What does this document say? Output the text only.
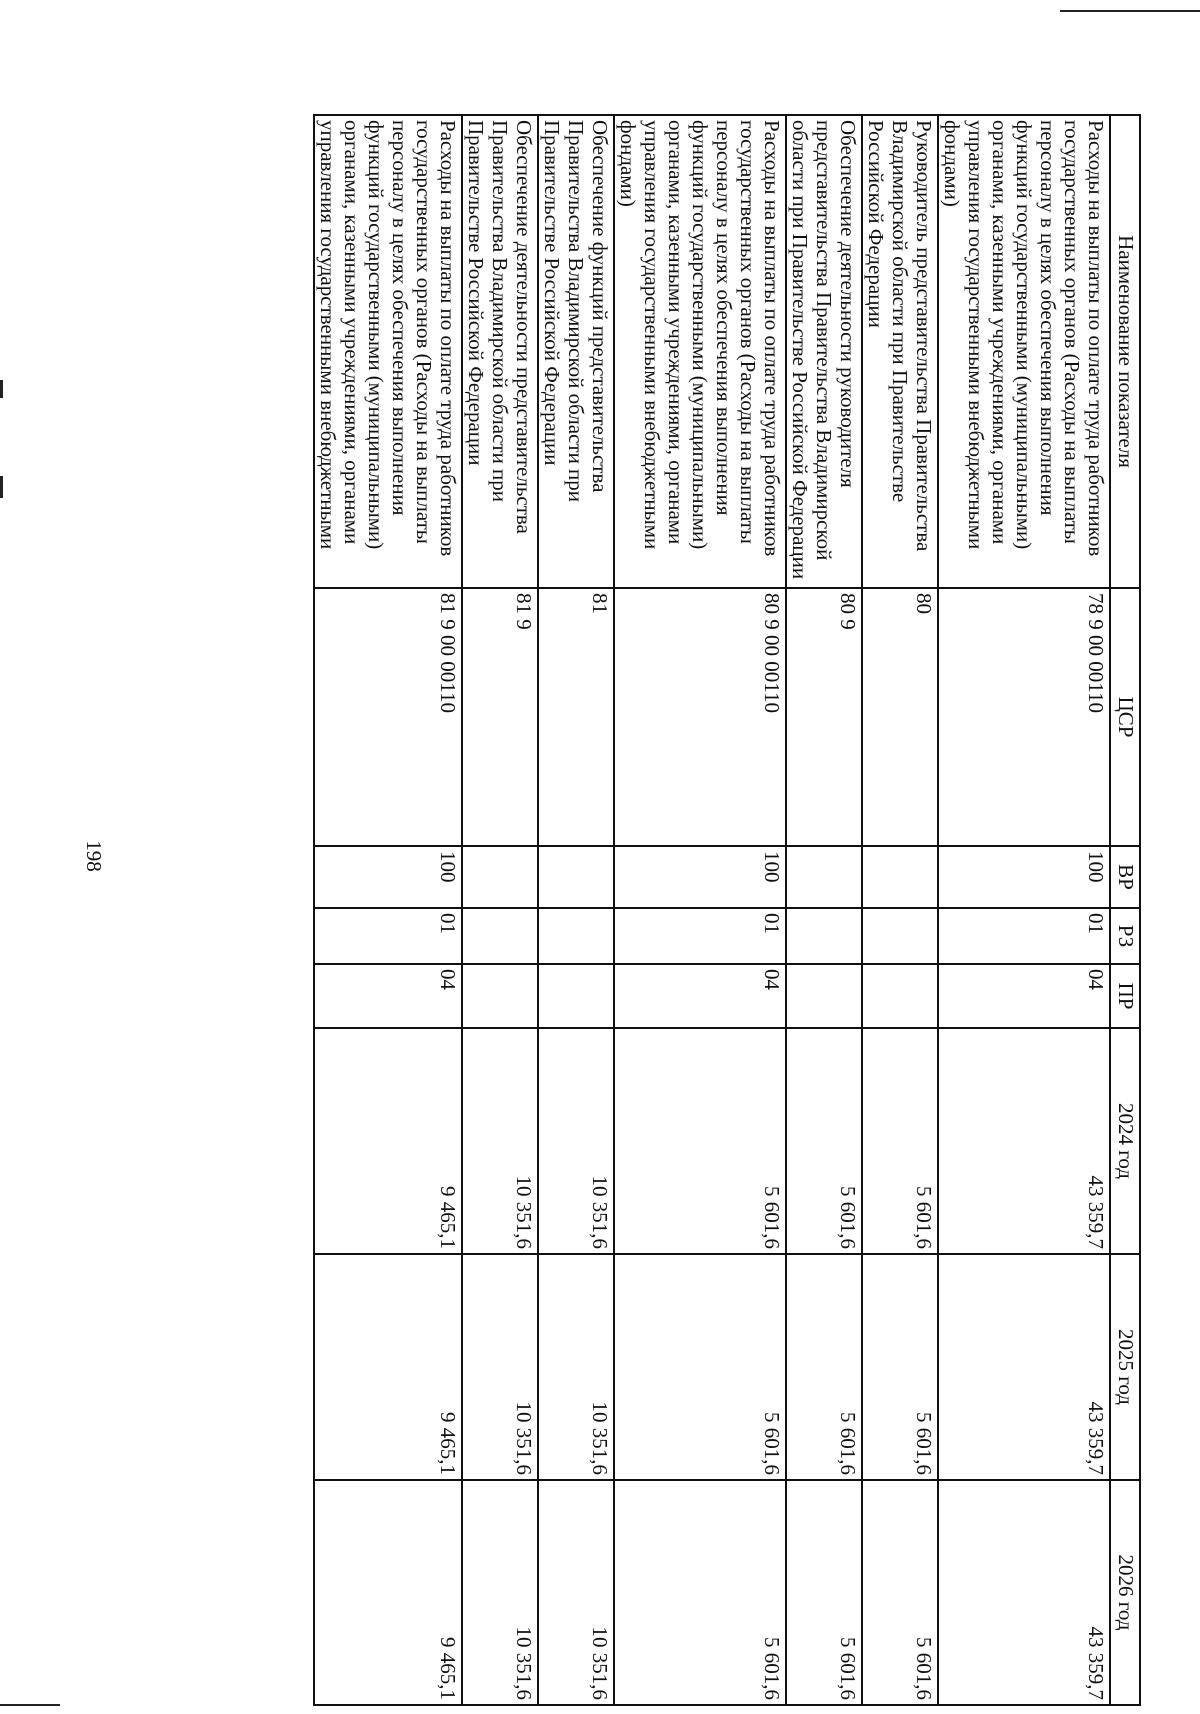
198
Наименование показателя	ЦСР	ВР	РЗ	ПР	2024 год	2025 год	2026 год
Расходы на выплаты по оплате труда работников государственных органов (Расходы на выплаты персоналу в целях обеспечения выполнения функций государственными (муниципальными) органами, казенными учреждениями, органами управления государственными внебюджетными фондами)	78 9 00 00110	100	01	04	43 359,7	43 359,7	43 359,7
Руководитель представительства Правительства Владимирской области при Правительстве Российской Федерации	80				5 601,6	5 601,6	5 601,6
Обеспечение деятельности руководителя представительства Правительства Владимирской области при Правительстве Российской Федерации	80 9				5 601,6	5 601,6	5 601,6
Расходы на выплаты по оплате труда работников государственных органов (Расходы на выплаты персоналу в целях обеспечения выполнения функций государственными (муниципальными) органами, казенными учреждениями, органами управления государственными внебюджетными фондами)	80 9 00 00110	100	01	04	5 601,6	5 601,6	5 601,6
Обеспечение функций представительства Правительства Владимирской области при Правительстве Российской Федерации	81				10 351,6	10 351,6	10 351,6
Обеспечение деятельности представительства Правительства Владимирской области при Правительстве Российской Федерации	81 9				10 351,6	10 351,6	10 351,6
Расходы на выплаты по оплате труда работников государственных органов (Расходы на выплаты персоналу в целях обеспечения выполнения функций государственными (муниципальными) органами, казенными учреждениями, органами управления государственными внебюджетными	81 9 00 00110	100	01	04	9 465,1	9 465,1	9 465,1
